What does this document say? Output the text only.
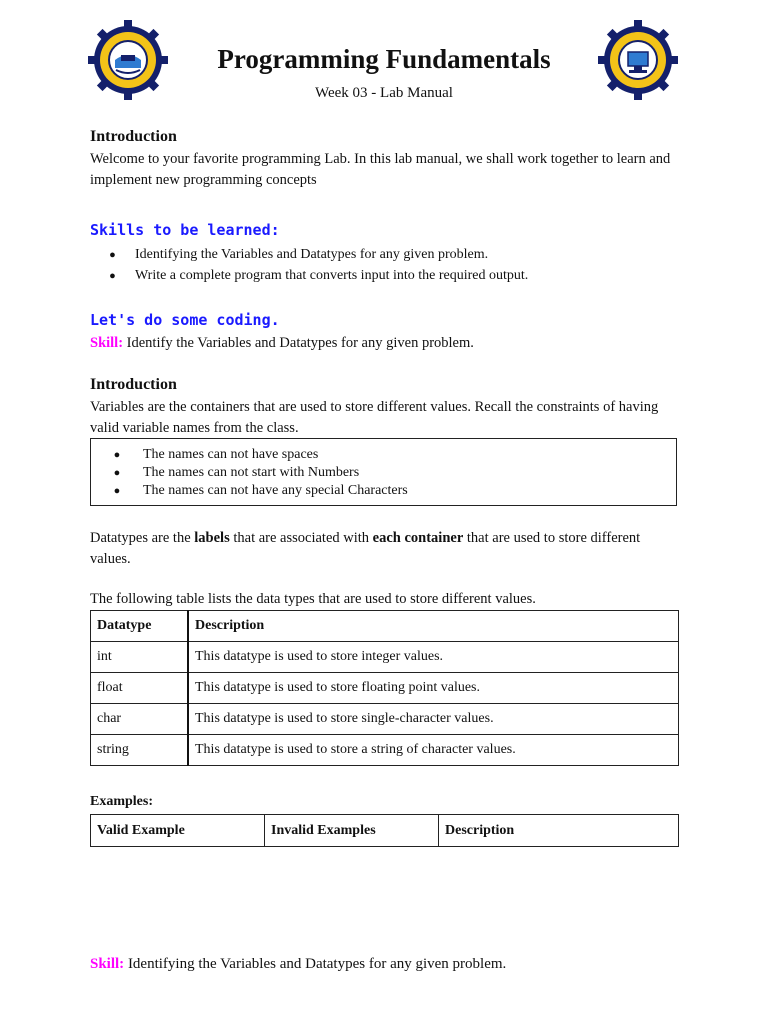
Programming Fundamentals
Week 03 - Lab Manual
Introduction
Welcome to your favorite programming Lab. In this lab manual, we shall work together to learn and implement new programming concepts
Skills to be learned:
●	Identifying the Variables and Datatypes for any given problem.
●	Write a complete program that converts input into the required output.
Let's do some coding.
Skill: Identify the Variables and Datatypes for any given problem.
Introduction
Variables are the containers that are used to store different values. Recall the constraints of having valid variable names from the class.
●	The names can not have spaces
●	The names can not start with Numbers
●	The names can not have any special Characters
Datatypes are the labels that are associated with each container that are used to store different values.
The following table lists the data types that are used to store different values.
Datatype	Description
int	This datatype is used to store integer values.
float	This datatype is used to store floating point values.
char	This datatype is used to store single-character values.
string	This datatype is used to store a string of character values.
Examples:
Valid Example	Invalid Examples	Description
Skill: Identifying the Variables and Datatypes for any given problem.
